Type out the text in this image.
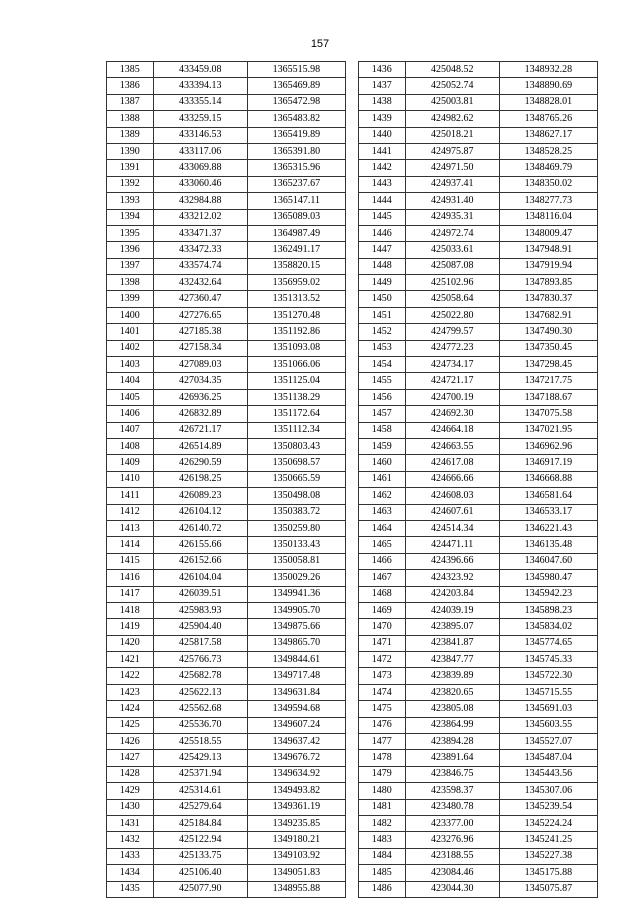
157
1385	433459.08	1365515.98
1386	433394.13	1365469.89
1387	433355.14	1365472.98
1388	433259.15	1365483.82
1389	433146.53	1365419.89
1390	433117.06	1365391.80
1391	433069.88	1365315.96
1392	433060.46	1365237.67
1393	432984.88	1365147.11
1394	433212.02	1365089.03
1395	433471.37	1364987.49
1396	433472.33	1362491.17
1397	433574.74	1358820.15
1398	432432.64	1356959.02
1399	427360.47	1351313.52
1400	427276.65	1351270.48
1401	427185.38	1351192.86
1402	427158.34	1351093.08
1403	427089.03	1351066.06
1404	427034.35	1351125.04
1405	426936.25	1351138.29
1406	426832.89	1351172.64
1407	426721.17	1351112.34
1408	426514.89	1350803.43
1409	426290.59	1350698.57
1410	426198.25	1350665.59
1411	426089.23	1350498.08
1412	426104.12	1350383.72
1413	426140.72	1350259.80
1414	426155.66	1350133.43
1415	426152.66	1350058.81
1416	426104.04	1350029.26
1417	426039.51	1349941.36
1418	425983.93	1349905.70
1419	425904.40	1349875.66
1420	425817.58	1349865.70
1421	425766.73	1349844.61
1422	425682.78	1349717.48
1423	425622.13	1349631.84
1424	425562.68	1349594.68
1425	425536.70	1349607.24
1426	425518.55	1349637.42
1427	425429.13	1349676.72
1428	425371.94	1349634.92
1429	425314.61	1349493.82
1430	425279.64	1349361.19
1431	425184.84	1349235.85
1432	425122.94	1349180.21
1433	425133.75	1349103.92
1434	425106.40	1349051.83
1435	425077.90	1348955.88
1436	425048.52	1348932.28
1437	425052.74	1348890.69
1438	425003.81	1348828.01
1439	424982.62	1348765.26
1440	425018.21	1348627.17
1441	424975.87	1348528.25
1442	424971.50	1348469.79
1443	424937.41	1348350.02
1444	424931.40	1348277.73
1445	424935.31	1348116.04
1446	424972.74	1348009.47
1447	425033.61	1347948.91
1448	425087.08	1347919.94
1449	425102.96	1347893.85
1450	425058.64	1347830.37
1451	425022.80	1347682.91
1452	424799.57	1347490.30
1453	424772.23	1347350.45
1454	424734.17	1347298.45
1455	424721.17	1347217.75
1456	424700.19	1347188.67
1457	424692.30	1347075.58
1458	424664.18	1347021.95
1459	424663.55	1346962.96
1460	424617.08	1346917.19
1461	424666.66	1346668.88
1462	424608.03	1346581.64
1463	424607.61	1346533.17
1464	424514.34	1346221.43
1465	424471.11	1346135.48
1466	424396.66	1346047.60
1467	424323.92	1345980.47
1468	424203.84	1345942.23
1469	424039.19	1345898.23
1470	423895.07	1345834.02
1471	423841.87	1345774.65
1472	423847.77	1345745.33
1473	423839.89	1345722.30
1474	423820.65	1345715.55
1475	423805.08	1345691.03
1476	423864.99	1345603.55
1477	423894.28	1345527.07
1478	423891.64	1345487.04
1479	423846.75	1345443.56
1480	423598.37	1345307.06
1481	423480.78	1345239.54
1482	423377.00	1345224.24
1483	423276.96	1345241.25
1484	423188.55	1345227.38
1485	423084.46	1345175.88
1486	423044.30	1345075.87
